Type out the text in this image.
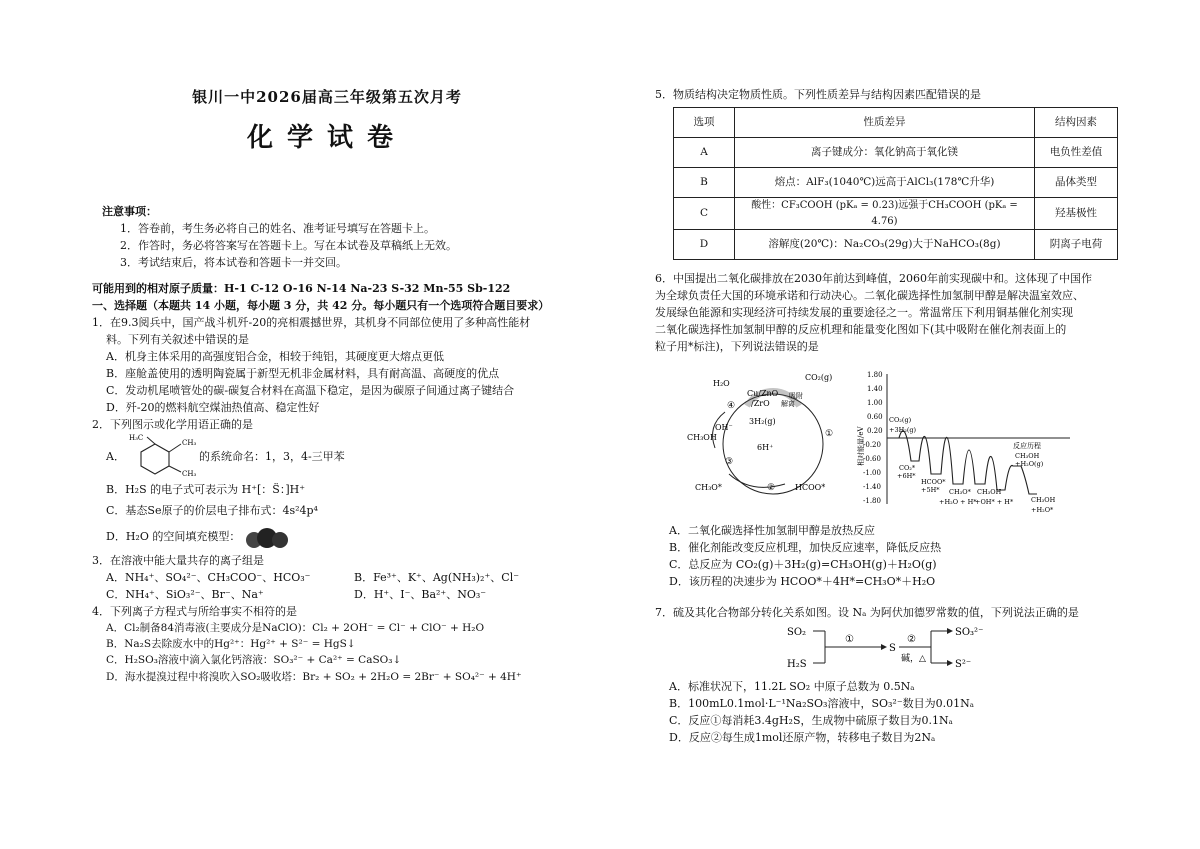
银川一中2026届高三年级第五次月考
化学试卷
注意事项：
1．答卷前，考生务必将自己的姓名、准考证号填写在答题卡上。
2．作答时，务必将答案写在答题卡上。写在本试卷及草稿纸上无效。
3．考试结束后，将本试卷和答题卡一并交回。
可能用到的相对原子质量：H-1 C-12 O-16 N-14 Na-23 S-32 Mn-55 Sb-122
一、选择题（本题共 14 小题，每小题 3 分，共 42 分。每小题只有一个选项符合题目要求）
1．在9.3阅兵中，国产战斗机歼-20的亮相震撼世界，其机身不同部位使用了多种高性能材
料。下列有关叙述中错误的是
A．机身主体采用的高强度铝合金，相较于纯铝，其硬度更大熔点更低
B．座舱盖使用的透明陶瓷属于新型无机非金属材料，具有耐高温、高硬度的优点
C．发动机尾喷管处的碳-碳复合材料在高温下稳定，是因为碳原子间通过离子键结合
D．歼-20的燃料航空煤油热值高、稳定性好
2．下列图示或化学用语正确的是
A．
H₃C
CH₃
CH₃
的系统命名：1，3，4-三甲苯
B．H₂S 的电子式可表示为 H⁺[：S̈：]H⁺
C．基态Se原子的价层电子排布式：4s²4p⁴
D．H₂O 的空间填充模型：
3．在溶液中能大量共存的离子组是
A．NH₄⁺、SO₄²⁻、CH₃COO⁻、HCO₃⁻	B．Fe³⁺、K⁺、Ag(NH₃)₂⁺、Cl⁻
C．NH₄⁺、SiO₃²⁻、Br⁻、Na⁺	D．H⁺、I⁻、Ba²⁺、NO₃⁻
4．下列离子方程式与所给事实不相符的是
A．Cl₂制备84消毒液(主要成分是NaClO)：Cl₂ + 2OH⁻ = Cl⁻ + ClO⁻ + H₂O
B．Na₂S去除废水中的Hg²⁺：Hg²⁺ + S²⁻ = HgS↓
C．H₂SO₃溶液中滴入氯化钙溶液：SO₃²⁻ + Ca²⁺ = CaSO₃↓
D．海水提溴过程中将溴吹入SO₂吸收塔：Br₂ + SO₂ + 2H₂O = 2Br⁻ + SO₄²⁻ + 4H⁺
5．物质结构决定物质性质。下列性质差异与结构因素匹配错误的是
选项	性质差异	结构因素
A	离子键成分：氧化钠高于氧化镁	电负性差值
B	熔点：AlF₃(1040℃)远高于AlCl₃(178℃升华)	晶体类型
C	酸性：CF₃COOH (pKₐ = 0.23)远强于CH₃COOH (pKₐ = 4.76)	羟基极性
D	溶解度(20℃)：Na₂CO₃(29g)大于NaHCO₃(8g)	阴离子电荷
6．中国提出二氧化碳排放在2030年前达到峰值，2060年前实现碳中和。这体现了中国作
为全球负责任大国的环境承诺和行动决心。二氧化碳选择性加氢制甲醇是解决温室效应、
发展绿色能源和实现经济可持续发展的重要途径之一。常温常压下利用铜基催化剂实现
二氧化碳选择性加氢制甲醇的反应机理和能量变化图如下(其中吸附在催化剂表面上的
粒子用*标注)，下列说法错误的是
H₂O
Cu/ZnO
/ZrO
CO₂(g)
3H₂(g)
6H⁺
CH₃OH
OH⁻
CH₃O*	HCOO*
④
①
②
③
解离
吸附
相对能量/eV
1.80
1.40
1.00
0.60
0.20
-0.20
-0.60
-1.00
-1.40
-1.80
反应历程
CO₂(g)
+3H₂(g)
CO₂*
+6H*
HCOO*
+5H* CH₃O*
+H₂O + H*
CH₃OH
+OH* + H*
CH₃OH
+H₂O(g)
CH₃OH
+H₂O*
A．二氧化碳选择性加氢制甲醇是放热反应
B．催化剂能改变反应机理，加快反应速率，降低反应热
C．总反应为 CO₂(g)＋3H₂(g)=CH₃OH(g)＋H₂O(g)
D．该历程的决速步为 HCOO*＋4H*=CH₃O*＋H₂O
7．硫及其化合物部分转化关系如图。设 Nₐ 为阿伏加德罗常数的值，下列说法正确的是
SO₂
H₂S
①
S
②
碱，△
SO₃²⁻
S²⁻
A．标准状况下，11.2L SO₂ 中原子总数为 0.5Nₐ
B．100mL0.1mol·L⁻¹Na₂SO₃溶液中，SO₃²⁻数目为0.01Nₐ
C．反应①每消耗3.4gH₂S，生成物中硫原子数目为0.1Nₐ
D．反应②每生成1mol还原产物，转移电子数目为2Nₐ
